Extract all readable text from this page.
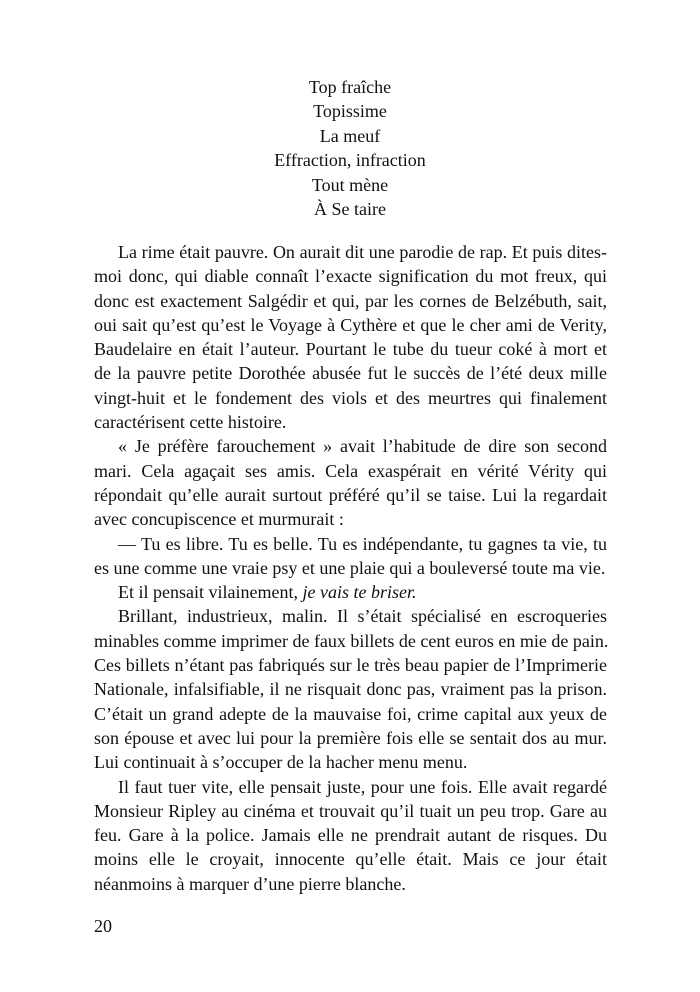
Top fraîche
Topissime
La meuf
Effraction, infraction
Tout mène
À Se taire
La rime était pauvre. On aurait dit une parodie de rap. Et puis dites-
moi donc, qui diable connaît l’exacte signification du mot freux, qui
donc est exactement Salgédir et qui, par les cornes de Belzébuth, sait,
oui sait qu’est qu’est le Voyage à Cythère et que le cher ami de Verity,
Baudelaire en était l’auteur. Pourtant le tube du tueur coké à mort et
de la pauvre petite Dorothée abusée fut le succès de l’été deux mille
vingt-huit et le fondement des viols et des meurtres qui finalement
caractérisent cette histoire.
« Je préfère farouchement » avait l’habitude de dire son second
mari. Cela agaçait ses amis. Cela exaspérait en vérité Vérity qui
répondait qu’elle aurait surtout préféré qu’il se taise. Lui la regardait
avec concupiscence et murmurait :
— Tu es libre. Tu es belle. Tu es indépendante, tu gagnes ta vie, tu
es une comme une vraie psy et une plaie qui a bouleversé toute ma vie.
Et il pensait vilainement, je vais te briser.
Brillant, industrieux, malin. Il s’était spécialisé en escroqueries
minables comme imprimer de faux billets de cent euros en mie de pain.
Ces billets n’étant pas fabriqués sur le très beau papier de l’Imprimerie
Nationale, infalsifiable, il ne risquait donc pas, vraiment pas la prison.
C’était un grand adepte de la mauvaise foi, crime capital aux yeux de
son épouse et avec lui pour la première fois elle se sentait dos au mur.
Lui continuait à s’occuper de la hacher menu menu.
Il faut tuer vite, elle pensait juste, pour une fois. Elle avait regardé
Monsieur Ripley au cinéma et trouvait qu’il tuait un peu trop. Gare au
feu. Gare à la police. Jamais elle ne prendrait autant de risques. Du
moins elle le croyait, innocente qu’elle était. Mais ce jour était
néanmoins à marquer d’une pierre blanche.
20
